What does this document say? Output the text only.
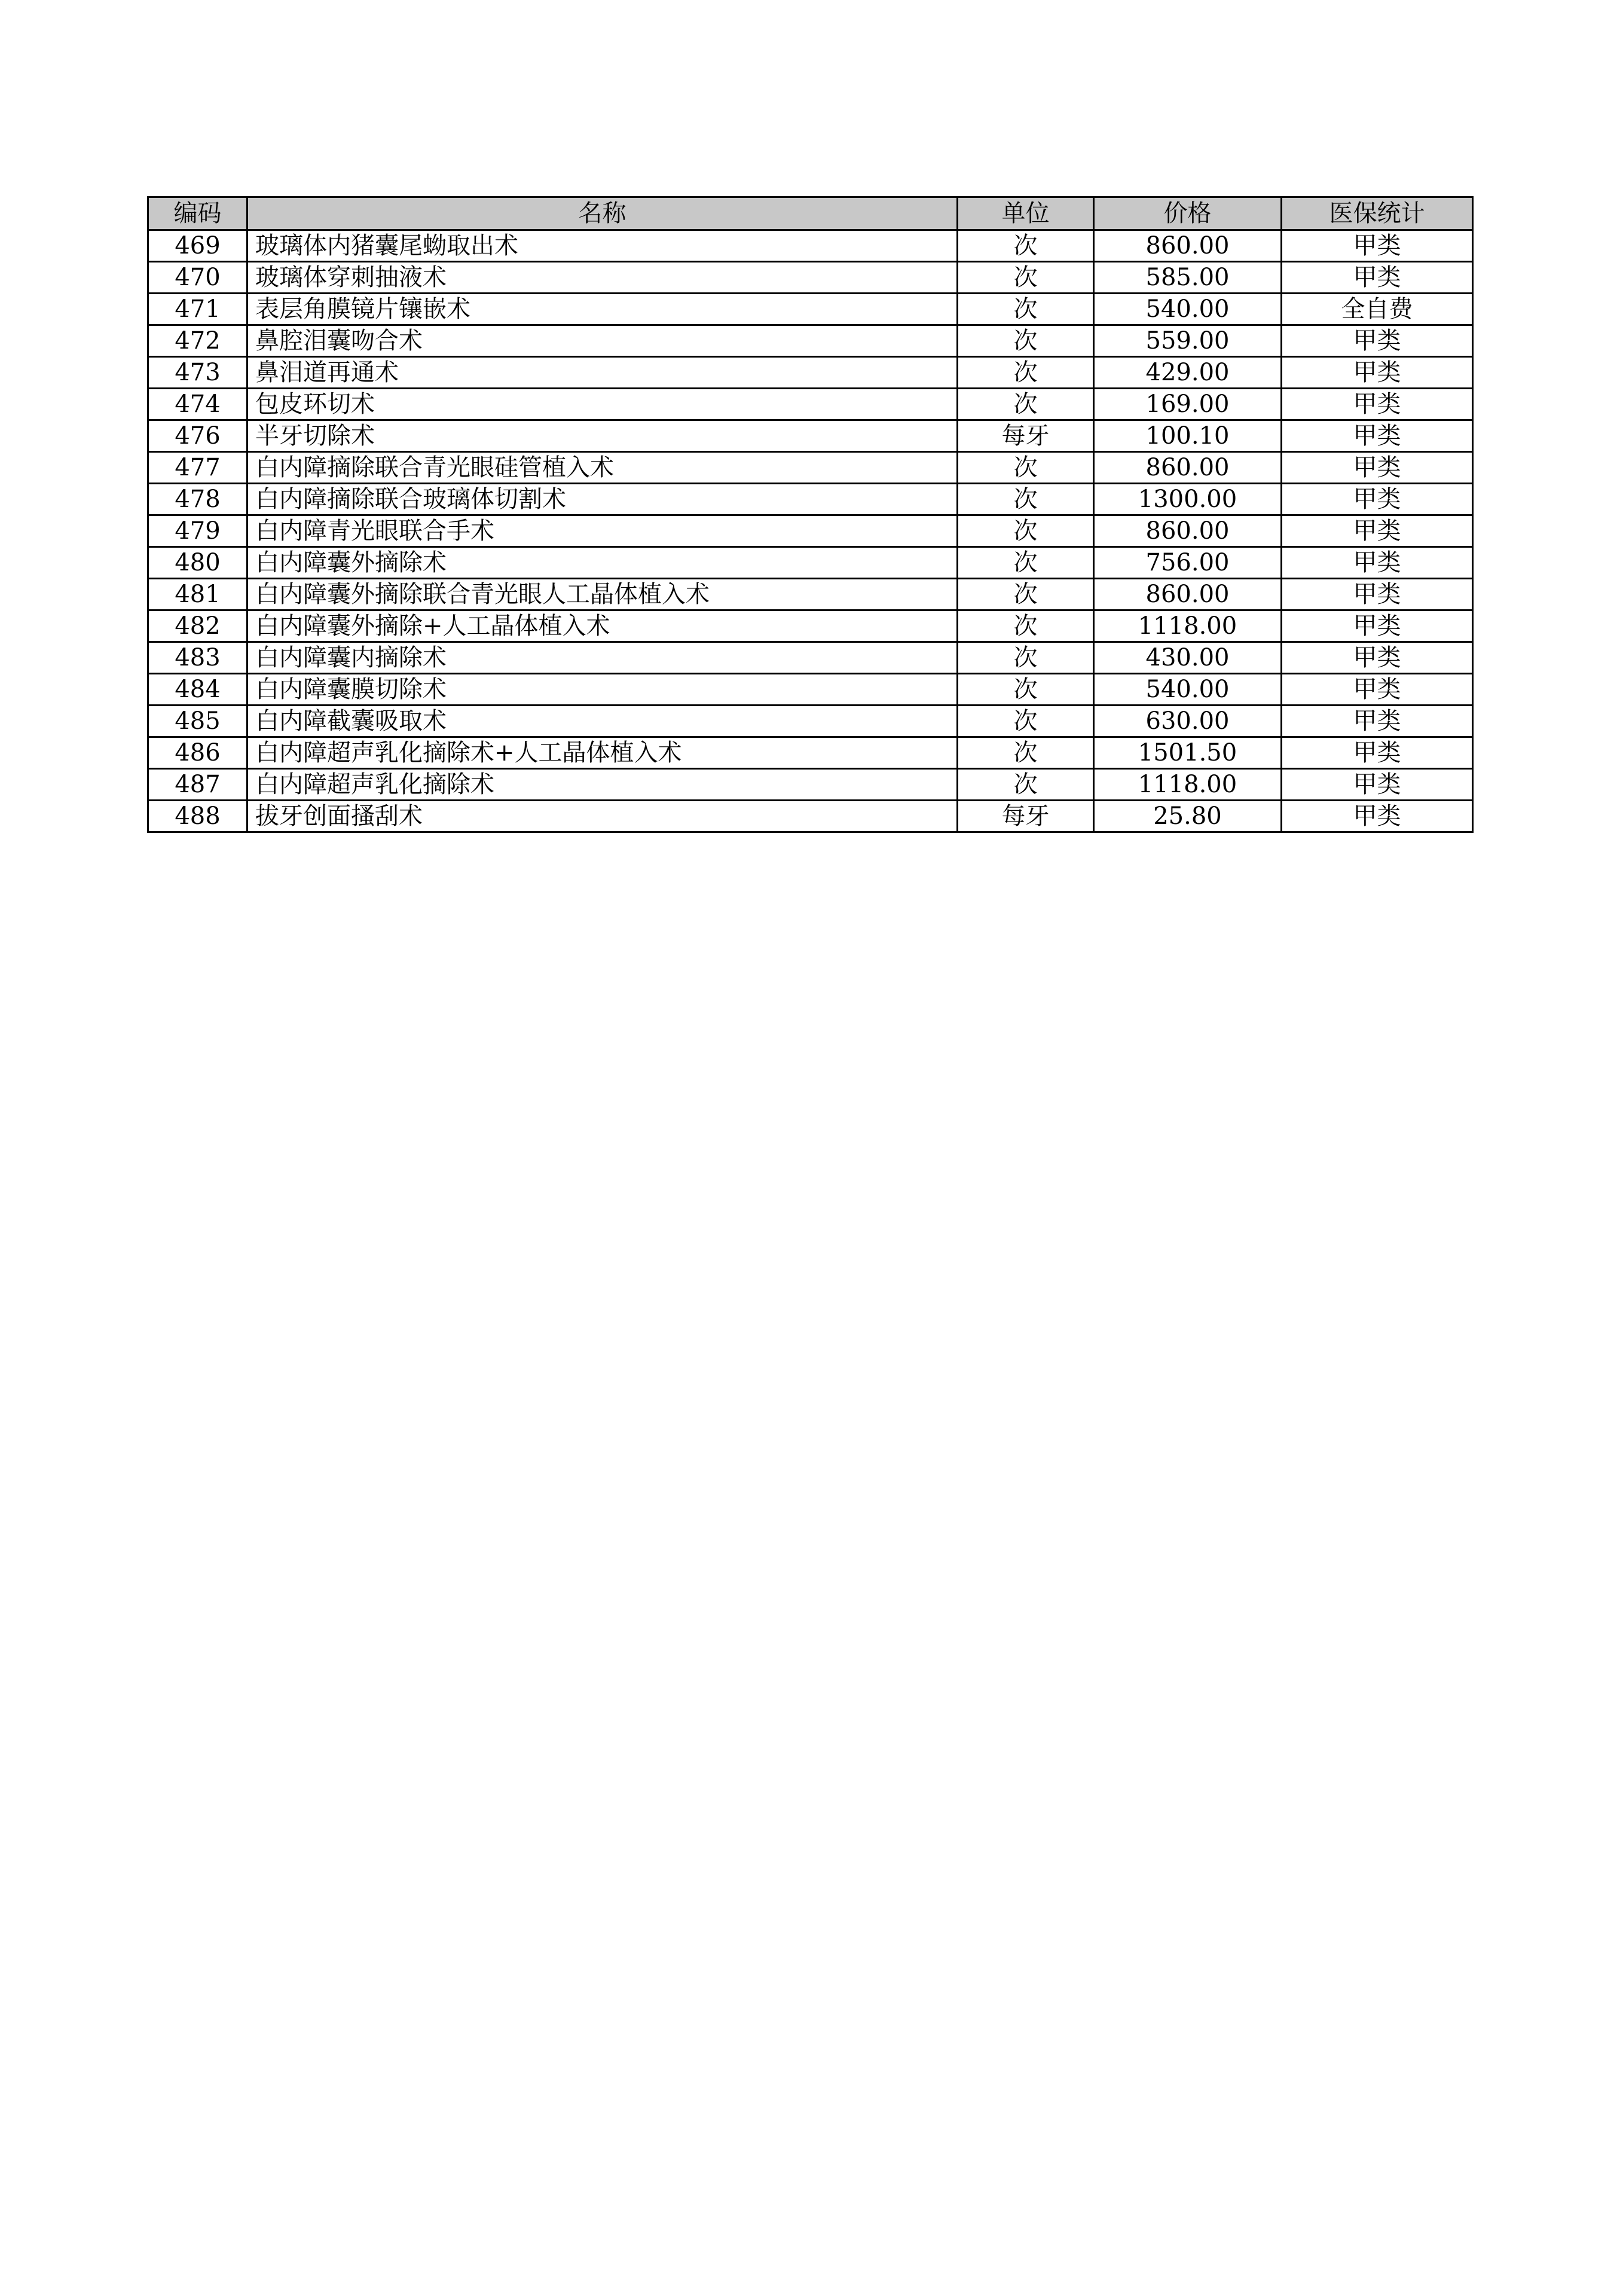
编码	名称	单位	价格	医保统计
469	玻璃体内猪囊尾蚴取出术	次	860.00	甲类
470	玻璃体穿刺抽液术	次	585.00	甲类
471	表层角膜镜片镶嵌术	次	540.00	全自费
472	鼻腔泪囊吻合术	次	559.00	甲类
473	鼻泪道再通术	次	429.00	甲类
474	包皮环切术	次	169.00	甲类
476	半牙切除术	每牙	100.10	甲类
477	白内障摘除联合青光眼硅管植入术	次	860.00	甲类
478	白内障摘除联合玻璃体切割术	次	1300.00	甲类
479	白内障青光眼联合手术	次	860.00	甲类
480	白内障囊外摘除术	次	756.00	甲类
481	白内障囊外摘除联合青光眼人工晶体植入术	次	860.00	甲类
482	白内障囊外摘除+人工晶体植入术	次	1118.00	甲类
483	白内障囊内摘除术	次	430.00	甲类
484	白内障囊膜切除术	次	540.00	甲类
485	白内障截囊吸取术	次	630.00	甲类
486	白内障超声乳化摘除术+人工晶体植入术	次	1501.50	甲类
487	白内障超声乳化摘除术	次	1118.00	甲类
488	拔牙创面搔刮术	每牙	25.80	甲类
